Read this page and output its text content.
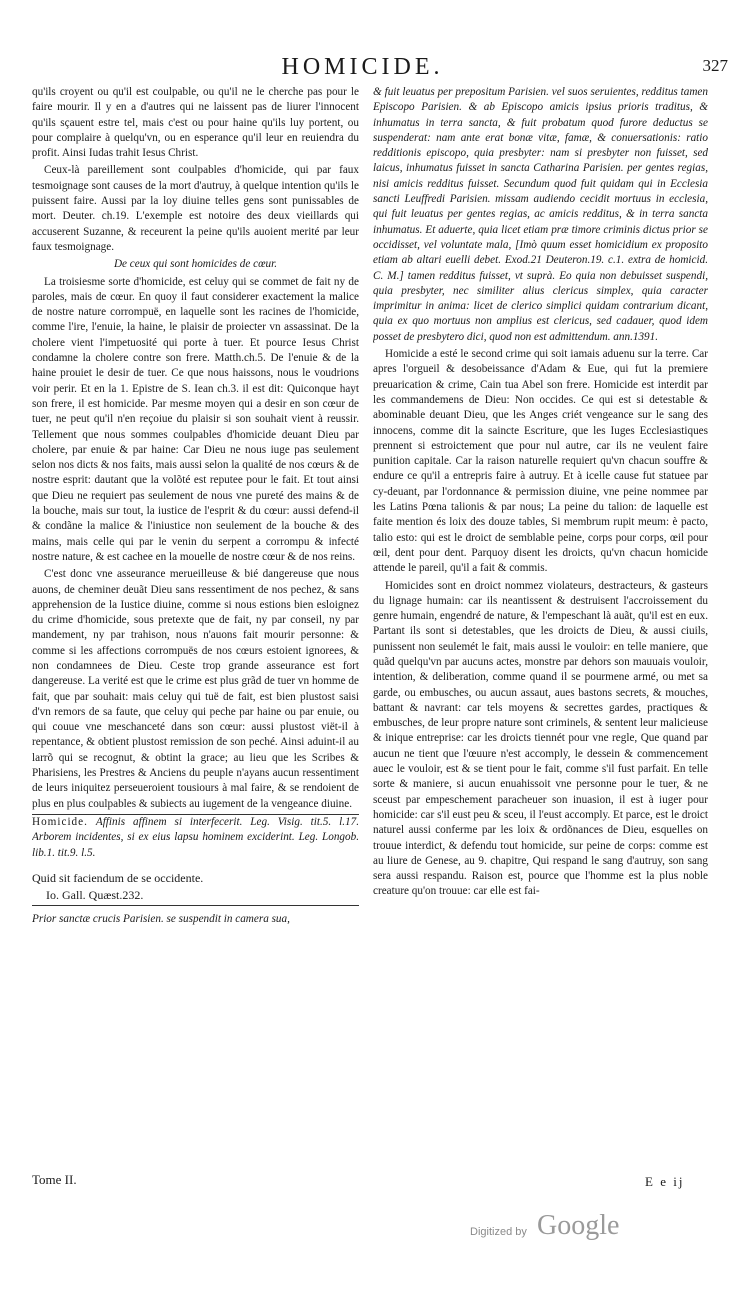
HOMICIDE.	327

qu'ils croyent ou qu'il est coulpable, ou qu'il ne le cherche pas pour le faire mourir. Il y en a d'autres qui ne laissent pas de liurer l'innocent qu'ils sçauent estre tel, mais c'est ou pour haine qu'ils luy portent, ou pour complaire à quelqu'vn, ou en esperance qu'il leur en reuiendra du profit. Ainsi Iudas trahit Iesus Christ.

Ceux-là pareillement sont coulpables d'homicide, qui par faux tesmoignage sont causes de la mort d'autruy, à quelque intention qu'ils le puissent faire. Aussi par la loy diuine telles gens sont punissables de mort. Deuter. ch.19. L'exemple est notoire des deux vieillards qui accuserent Suzanne, & receurent la peine qu'ils auoient merité par leur faux tesmoignage.

De ceux qui sont homicides de cœur.

La troisiesme sorte d'homicide, est celuy qui se commet de fait ny de paroles, mais de cœur. En quoy il faut considerer exactement la malice de nostre nature corrompuë, en laquelle sont les racines de l'homicide, comme l'ire, l'enuie, la haine, le plaisir de proiecter vn assassinat. De la cholere vient l'impetuosité qui porte à tuer. Et pource Iesus Christ condamne la cholere contre son frere. Matth.ch.5. De l'enuie & de la haine prouiet le desir de tuer. Ce que nous haissons, nous le voudrions voir perir. Et en la 1. Epistre de S. Iean ch.3. il est dit: Quiconque hayt son frere, il est homicide. Par mesme moyen qui a desir en son cœur de tuer, ne peut qu'il n'en reçoiue du plaisir si son souhait vient à reussir. Tellement que nous sommes coulpables d'homicide deuant Dieu par cholere, par enuie & par haine: Car Dieu ne nous iuge pas seulement selon nos dicts & nos faits, mais aussi selon la qualité de nos cœurs & de nostre esprit: dautant que la volõté est reputee pour le fait. Et tout ainsi que Dieu ne requiert pas seulement de nous vne pureté des mains & de la bouche, mais sur tout, la iustice de l'esprit & du cœur: aussi defend-il & condãne la malice & l'iniustice non seulement de la bouche & des mains, mais celle qui par le venin du serpent a corrompu & infecté nostre nature, & est cachee en la mouelle de nostre cœur & de nos reins.

C'est donc vne asseurance merueilleuse & bié dangereuse que nous auons, de cheminer deuãt Dieu sans ressentiment de nos pechez, & sans apprehension de la Iustice diuine, comme si nous estions bien esloignez du crime d'homicide, sous pretexte que de fait, ny par conseil, ny par mandement, ny par trahison, nous n'auons fait mourir personne: & comme si les affections corrompuës de nos cœurs estoient ignorees, & non condamnees de Dieu. Ceste trop grande asseurance est fort dangereuse. La verité est que le crime est plus grãd de tuer vn homme de fait, que par souhait: mais celuy qui tuë de fait, est bien plustost saisi d'vn remors de sa faute, que celuy qui peche par haine ou par enuie, ou qui couue vne meschanceté dans son cœur: aussi plustost viët-il à repentance, & obtient plustost remission de son peché. Ainsi aduint-il au larrõ qui se recognut, & obtint la grace; au lieu que les Scribes & Pharisiens, les Prestres & Anciens du peuple n'ayans aucun ressentiment de leurs iniquitez perseueroient tousiours à mal faire, & se rendoient de plus en plus coulpables & subiects au iugement de la vengeance diuine.

Homicide. Affinis affinem si interfecerit. Leg. Visig. tit.5. l.17. Arborem incidentes, si ex eius lapsu hominem exciderint. Leg. Longob. lib.1. tit.9. l.5.

Quid sit faciendum de se occidente.

Io. Gall. Quæst.232.

Prior sanctæ crucis Parisien. se suspendit in camera sua,

& fuit leuatus per prepositum Parisien. vel suos seruientes, redditus tamen Episcopo Parisien. & ab Episcopo amicis ipsius prioris traditus, & inhumatus in terra sancta, & fuit probatum quod furore deductus se suspenderat: nam ante erat bonæ vitæ, famæ, & conuersationis: ratio redditionis episcopo, quia presbyter: nam si presbyter non fuisset, sed laicus, inhumatus fuisset in sancta Catharina Parisien. per gentes regias, nisi amicis redditus fuisset. Secundum quod fuit quidam qui in Ecclesia sancti Leuffredi Parisien. missam audiendo cecidit mortuus in ecclesia, qui fuit leuatus per gentes regias, ac amicis redditus, & in terra sancta inhumatus. Et aduerte, quia licet etiam præ timore criminis dictus prior se occidisset, vel voluntate mala, [Imò quum esset homicidium ex proposito etiam ab altari euelli debet. Exod.21 Deuteron.19. c.1. extra de homicid. C. M.] tamen redditus fuisset, vt suprà. Eo quia non debuisset suspendi, quia presbyter, nec similiter alius clericus simplex, quia caracter imprimitur in anima: licet de clerico simplici quidam contrarium dicant, quia ex quo mortuus non amplius est clericus, sed cadauer, quod idem posset de presbytero dici, quod non est admittendum. ann.1391.

Homicide a esté le second crime qui soit iamais aduenu sur la terre. Car apres l'orgueil & desobeissance d'Adam & Eue, qui fut la premiere preuarication & crime, Cain tua Abel son frere. Homicide est interdit par les commandemens de Dieu: Non occides. Ce qui est si detestable & abominable deuant Dieu, que les Anges criét vengeance sur le sang des innocens, comme dit la saincte Escriture, que les Iuges Ecclesiastiques prennent si estroictement que pour nul autre, car ils ne veulent faire punition capitale. Car la raison naturelle requiert qu'vn chacun souffre & endure ce qu'il a entrepris faire à autruy. Et à icelle cause fut statuee par cy-deuant, par l'ordonnance & permission diuine, vne peine nommee par les Latins Pœna talionis & par nous; La peine du talion: de laquelle est faite mention és loix des douze tables, Si membrum rupit meum: è pacto, talio esto: qui est le droict de semblable peine, corps pour corps, œil pour œil, dent pour dent. Parquoy disent les droicts, qu'vn chacun homicide attende le pareil, qu'il a fait & commis.

Homicides sont en droict nommez violateurs, destracteurs, & gasteurs du lignage humain: car ils neantissent & destruisent l'accroissement du genre humain, engendré de nature, & l'empeschant là auãt, qu'il est en eux. Partant ils sont si detestables, que les droicts de Dieu, & aussi ciuils, punissent non seulemét le fait, mais aussi le vouloir: en telle maniere, que quãd quelqu'vn par aucuns actes, monstre par dehors son mauuais vouloir, intention, & deliberation, comme quand il se pourmene armé, ou met sa garde, ou embusches, ou aucun assaut, aues bastons secrets, & mouches, battant & navrant: car tels moyens & secrettes gardes, practiques & embusches, de leur propre nature sont criminels, & sentent leur malicieuse & inique entreprise: car les droicts tiennét pour vne regle, Que quand par aucun ne tient que l'œuure n'est accomply, le dessein & commencement auec le vouloir, est & se tient pour le fait, comme s'il fust parfait. En telle sorte & maniere, si aucun enuahissoit vne personne pour le tuer, & ne sceust par empeschement paracheuer son inuasion, il est à iuger pour homicide: car s'il eust peu & sceu, il l'eust accomply. Et parce, est le droict naturel aussi conferme par les loix & ordõnances de Dieu, esquelles on trouue interdict, & defendu tout homicide, sur peine de corps: comme est au liure de Genese, au 9. chapitre, Qui respand le sang d'autruy, son sang sera aussi respandu. Raison est, pource que l'homme est la plus noble creature qu'on trouue: car elle est fai-

Tome II.	E e ij
Digitized by Google
